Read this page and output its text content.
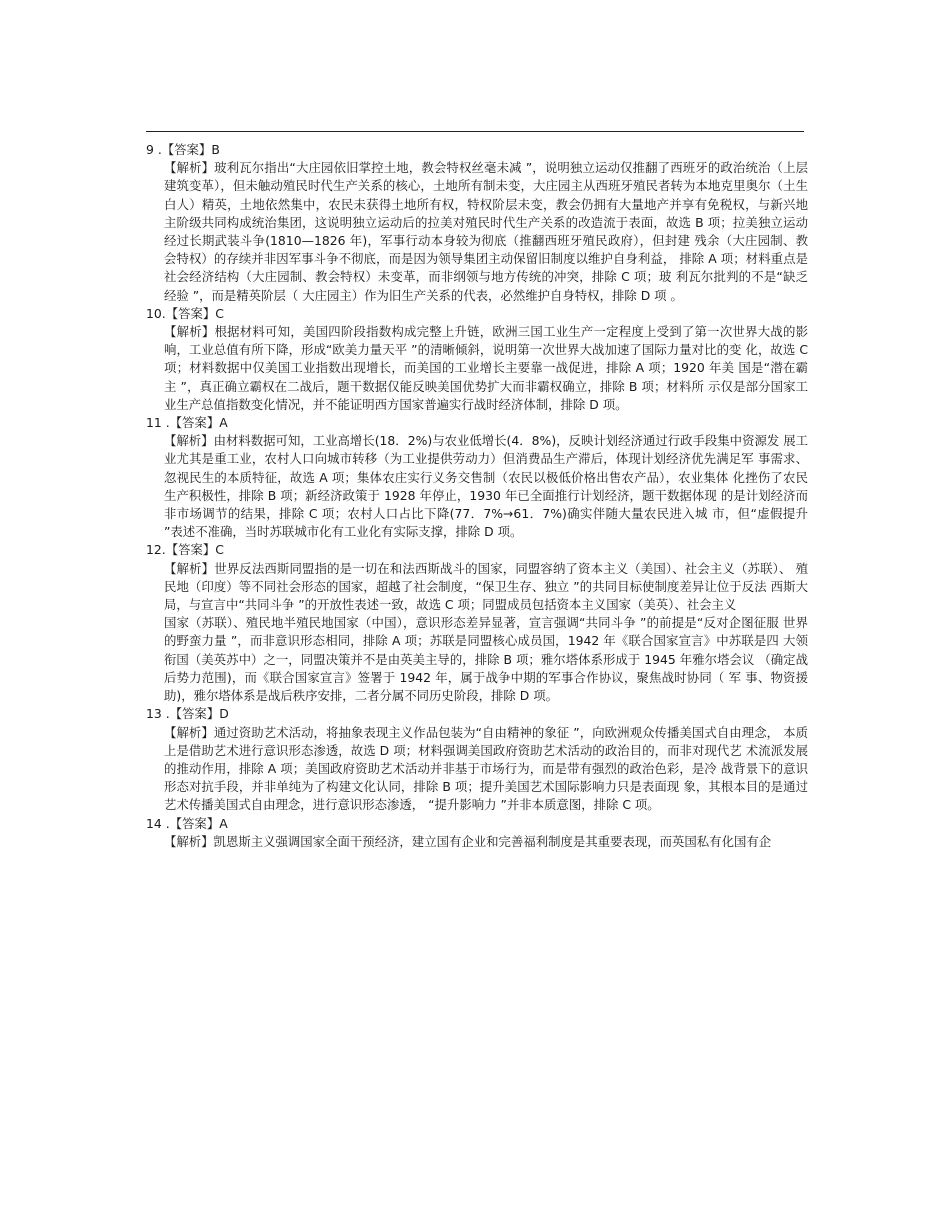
9 .【答案】B

【解析】玻利瓦尔指出“大庄园依旧掌控土地，教会特权丝毫未减 ”，说明独立运动仅推翻了西班牙的政治统治（上层建筑变革），但未触动殖民时代生产关系的核心，土地所有制未变，大庄园主从西班牙殖民者转为本地克里奥尔（土生白人）精英，土地依然集中，农民未获得土地所有权，特权阶层未变，教会仍拥有大量地产并享有免税权，与新兴地主阶级共同构成统治集团，这说明独立运动后的拉美对殖民时代生产关系的改造流于表面，故选 B 项；拉美独立运动经过长期武装斗争(1810—1826 年)，军事行动本身较为彻底（推翻西班牙殖民政府），但封建 残余（大庄园制、教会特权）的存续并非因军事斗争不彻底，而是因为领导集团主动保留旧制度以维护自身利益， 排除 A 项；材料重点是社会经济结构（大庄园制、教会特权）未变革，而非纲领与地方传统的冲突，排除 C 项；玻 利瓦尔批判的不是“缺乏经验 ”，而是精英阶层（ 大庄园主）作为旧生产关系的代表，必然维护自身特权，排除 D 项 。

10.【答案】C

【解析】根据材料可知，美国四阶段指数构成完整上升链，欧洲三国工业生产一定程度上受到了第一次世界大战的影响，工业总值有所下降，形成“欧美力量天平 ”的清晰倾斜，说明第一次世界大战加速了国际力量对比的变 化，故选 C 项；材料数据中仅美国工业指数出现增长，而美国的工业增长主要靠一战促进，排除 A 项；1920 年美 国是“潜在霸主 ”，真正确立霸权在二战后，题干数据仅能反映美国优势扩大而非霸权确立，排除 B 项；材料所 示仅是部分国家工业生产总值指数变化情况，并不能证明西方国家普遍实行战时经济体制，排除 D 项。

11 .【答案】A

【解析】由材料数据可知，工业高增长(18．2%)与农业低增长(4．8%)，反映计划经济通过行政手段集中资源发 展工业尤其是重工业，农村人口向城市转移（为工业提供劳动力）但消费品生产滞后，体现计划经济优先满足军 事需求、忽视民生的本质特征，故选 A 项；集体农庄实行义务交售制（农民以极低价格出售农产品），农业集体 化挫伤了农民生产积极性，排除 B 项；新经济政策于 1928 年停止，1930 年已全面推行计划经济，题干数据体现 的是计划经济而非市场调节的结果，排除 C 项；农村人口占比下降(77．7%→61．7%)确实伴随大量农民进入城 市，但“虚假提升 ”表述不准确，当时苏联城市化有工业化有实际支撑，排除 D 项。

12.【答案】C

【解析】世界反法西斯同盟指的是一切在和法西斯战斗的国家，同盟容纳了资本主义（美国）、社会主义（苏联）、 殖民地（印度）等不同社会形态的国家，超越了社会制度，“保卫生存、独立 ”的共同目标使制度差异让位于反法 西斯大局，与宣言中“共同斗争 ”的开放性表述一致，故选 C 项；同盟成员包括资本主义国家（美英）、社会主义

国家（苏联）、殖民地半殖民地国家（中国），意识形态差异显著，宣言强调“共同斗争 ”的前提是“反对企图征服 世界的野蛮力量 ”，而非意识形态相同，排除 A 项；苏联是同盟核心成员国，1942 年《联合国家宣言》中苏联是四 大领衔国（美英苏中）之一，同盟决策并不是由英美主导的，排除 B 项；雅尔塔体系形成于 1945 年雅尔塔会议 （确定战后势力范围)，而《联合国家宣言》签署于 1942 年，属于战争中期的军事合作协议，聚焦战时协同（ 军 事、物资援助)，雅尔塔体系是战后秩序安排，二者分属不同历史阶段，排除 D 项。

13 .【答案】D

【解析】通过资助艺术活动，将抽象表现主义作品包装为“自由精神的象征 ”，向欧洲观众传播美国式自由理念， 本质上是借助艺术进行意识形态渗透，故选 D 项；材料强调美国政府资助艺术活动的政治目的，而非对现代艺 术流派发展的推动作用，排除 A 项；美国政府资助艺术活动并非基于市场行为，而是带有强烈的政治色彩，是冷 战背景下的意识形态对抗手段，并非单纯为了构建文化认同，排除 B 项；提升美国艺术国际影响力只是表面现 象，其根本目的是通过艺术传播美国式自由理念，进行意识形态渗透， “提升影响力 ”并非本质意图，排除 C 项。

14 .【答案】A

【解析】凯恩斯主义强调国家全面干预经济，建立国有企业和完善福利制度是其重要表现，而英国私有化国有企
